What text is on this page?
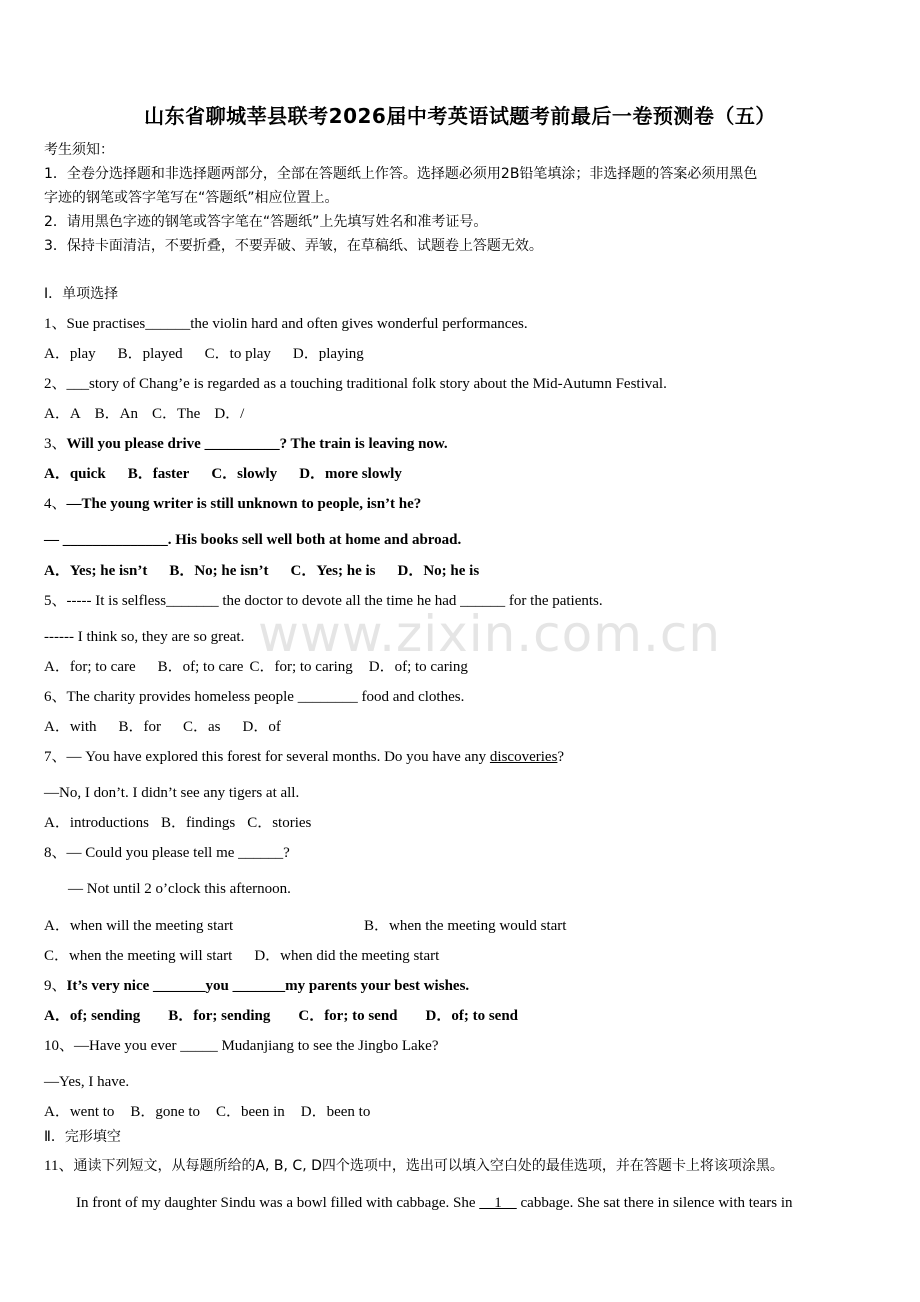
山东省聊城莘县联考2026届中考英语试题考前最后一卷预测卷（五）
考生须知：
1．全卷分选择题和非选择题两部分，全部在答题纸上作答。选择题必须用2B铅笔填涂；非选择题的答案必须用黑色
字迹的钢笔或答字笔写在“答题纸”相应位置上。
2．请用黑色字迹的钢笔或答字笔在“答题纸”上先填写姓名和准考证号。
3．保持卡面清洁，不要折叠，不要弄破、弄皱，在草稿纸、试题卷上答题无效。
Ⅰ．单项选择
1、Sue practises______the violin hard and often gives wonderful performances.
A．play B．played C．to play D．playing
2、___story of Chang’e is regarded as a touching traditional folk story about the Mid-Autumn Festival.
A．A B．An C．The D．/
3、Will you please drive __________? The train is leaving now.
A．quick B．faster C．slowly D．more slowly
4、—The young writer is still unknown to people, isn’t he?
— ______________. His books sell well both at home and abroad.
A．Yes; he isn’t B．No; he isn’t C．Yes; he is D．No; he is
5、----- It is selfless_______ the doctor to devote all the time he had ______ for the patients.
------ I think so, they are so great.
A．for; to care B．of; to care C．for; to caring D．of; to caring
6、The charity provides homeless people ________ food and clothes.
A．with B．for C．as D．of
7、— You have explored this forest for several months. Do you have any discoveries?
—No, I don’t. I didn’t see any tigers at all.
A．introductions B．findings C．stories
8、— Could you please tell me ______?
— Not until 2 o’clock this afternoon.
A．when will the meeting start	B．when the meeting would start
C．when the meeting will start D．when did the meeting start
9、It’s very nice _______you _______my parents your best wishes.
A．of; sending B．for; sending C．for; to send D．of; to send
10、—Have you ever _____ Mudanjiang to see the Jingbo Lake?
—Yes, I have.
A．went to B．gone to C．been in D．been to
Ⅱ．完形填空
11、通读下列短文，从每题所给的A, B, C, D四个选项中，选出可以填入空白处的最佳选项，并在答题卡上将该项涂黑。
In front of my daughter Sindu was a bowl filled with cabbage. She     1     cabbage. She sat there in silence with tears in
www.zixin.com.cn
